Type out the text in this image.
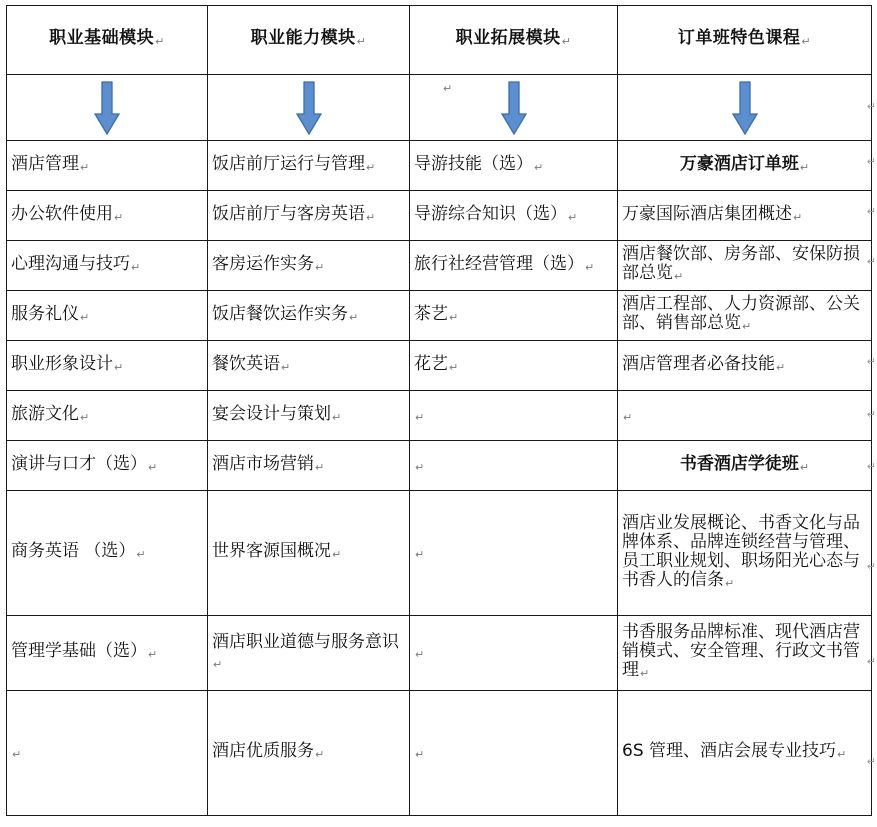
职业基础模块↵	职业能力模块↵	职业拓展模块↵	订单班特色课程↵

↵

酒店管理↵	饭店前厅运行与管理↵	导游技能（选）↵	万豪酒店订单班↵
办公软件使用↵	饭店前厅与客房英语↵	导游综合知识（选）↵	万豪国际酒店集团概述↵
心理沟通与技巧↵	客房运作实务↵	旅行社经营管理（选）↵	酒店餐饮部、房务部、安保防损部总览↵
服务礼仪↵	饭店餐饮运作实务↵	茶艺↵	酒店工程部、人力资源部、公关部、销售部总览↵
职业形象设计↵	餐饮英语↵	花艺↵	酒店管理者必备技能↵
旅游文化↵	宴会设计与策划↵	↵	↵
演讲与口才（选）↵	酒店市场营销↵	↵	书香酒店学徒班↵
商务英语 （选）↵	世界客源国概况↵	↵	酒店业发展概论、书香文化与品牌体系、品牌连锁经营与管理、员工职业规划、职场阳光心态与书香人的信条↵
管理学基础（选）↵	酒店职业道德与服务意识↵	↵	书香服务品牌标准、现代酒店营销模式、安全管理、行政文书管理↵
↵	酒店优质服务↵	↵	6S 管理、酒店会展专业技巧↵
↵
↵
↵
↵
↵
↵
↵
↵
↵
↵
